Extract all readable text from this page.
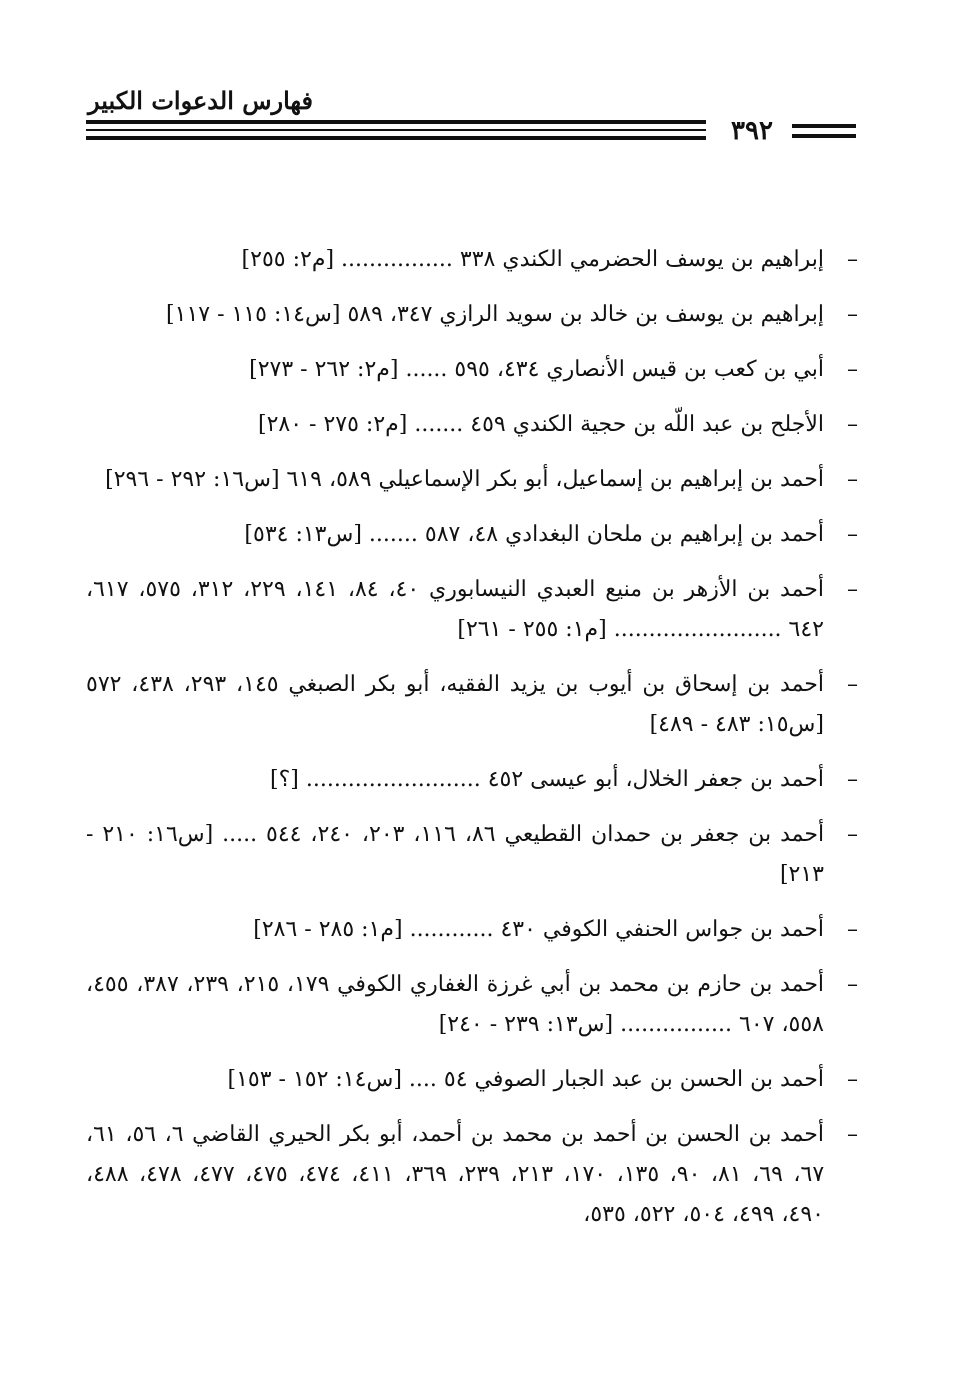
فهارس الدعوات الكبير
٣٩٢
–
إبراهيم بن يوسف الحضرمي الكندي ٣٣٨ ................ [م٢: ٢٥٥]
–
إبراهيم بن يوسف بن خالد بن سويد الرازي ٣٤٧، ٥٨٩ [س١٤: ١١٥ - ١١٧]
–
أبي بن كعب بن قيس الأنصاري ٤٣٤، ٥٩٥ ...... [م٢: ٢٦٢ - ٢٧٣]
–
الأجلح بن عبد اللّه بن حجية الكندي ٤٥٩ ....... [م٢: ٢٧٥ - ٢٨٠]
–
أحمد بن إبراهيم بن إسماعيل، أبو بكر الإسماعيلي ٥٨٩، ٦١٩ [س١٦: ٢٩٢ - ٢٩٦]
–
أحمد بن إبراهيم بن ملحان البغدادي ٤٨، ٥٨٧ ....... [س١٣: ٥٣٤]
–
أحمد بن الأزهر بن منيع العبدي النيسابوري ٤٠، ٨٤، ١٤١، ٢٢٩، ٣١٢، ٥٧٥، ٦١٧، ٦٤٢ ........................ [م١: ٢٥٥ - ٢٦١]
–
أحمد بن إسحاق بن أيوب بن يزيد الفقيه، أبو بكر الصبغي ١٤٥، ٢٩٣، ٤٣٨، ٥٧٢ [س١٥: ٤٨٣ - ٤٨٩]
–
أحمد بن جعفر الخلال، أبو عيسى ٤٥٢ ......................... [؟]
–
أحمد بن جعفر بن حمدان القطيعي ٨٦، ١١٦، ٢٠٣، ٢٤٠، ٥٤٤ ..... [س١٦: ٢١٠ - ٢١٣]
–
أحمد بن جواس الحنفي الكوفي ٤٣٠ ............ [م١: ٢٨٥ - ٢٨٦]
–
أحمد بن حازم بن محمد بن أبي غرزة الغفاري الكوفي ١٧٩، ٢١٥، ٢٣٩، ٣٨٧، ٤٥٥، ٥٥٨، ٦٠٧ ................ [س١٣: ٢٣٩ - ٢٤٠]
–
أحمد بن الحسن بن عبد الجبار الصوفي ٥٤ .... [س١٤: ١٥٢ - ١٥٣]
–
أحمد بن الحسن بن أحمد بن محمد بن أحمد، أبو بكر الحيري القاضي ٦، ٥٦، ٦١، ٦٧، ٦٩، ٨١، ٩٠، ١٣٥، ١٧٠، ٢١٣، ٢٣٩، ٣٦٩، ٤١١، ٤٧٤، ٤٧٥، ٤٧٧، ٤٧٨، ٤٨٨، ٤٩٠، ٤٩٩، ٥٠٤، ٥٢٢، ٥٣٥،
